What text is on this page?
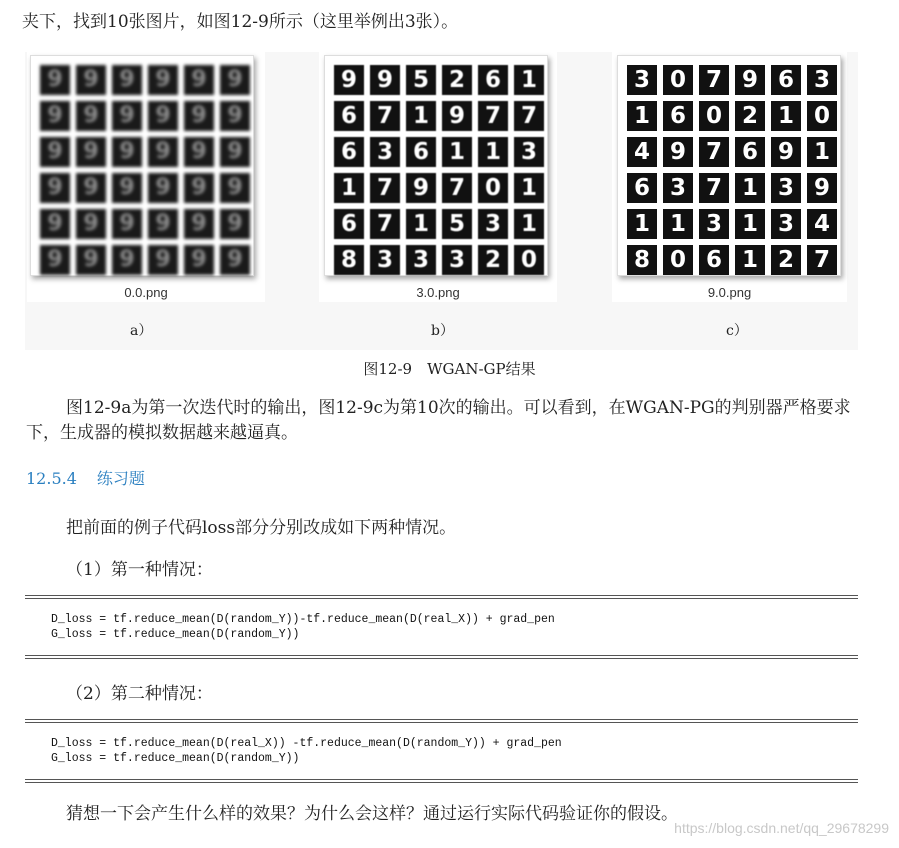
夹下，找到10张图片，如图12-9所示（这里举例出3张）。
9 9 9 9 9 9
9 9 9 9 9 9
9 9 9 9 9 9
9 9 9 9 9 9
9 9 9 9 9 9
9 9 9 9 9 9
0.0.png
9 9 5 2 6 1
6 7 1 9 7 7
6 3 6 1 1 3
1 7 9 7 0 1
6 7 1 5 3 1
8 3 3 3 2 0
3.0.png
3 0 7 9 6 3
1 6 0 2 1 0
4 9 7 6 9 1
6 3 7 1 3 9
1 1 3 1 3 4
8 0 6 1 2 7
9.0.png
a）	b）	c）
图12-9　WGAN-GP结果
图12-9a为第一次迭代时的输出，图12-9c为第10次的输出。可以看到，在WGAN-PG的判别器严格要求下，生成器的模拟数据越来越逼真。
12.5.4 练习题
把前面的例子代码loss部分分别改成如下两种情况。
（1）第一种情况：
D_loss = tf.reduce_mean(D(random_Y))-tf.reduce_mean(D(real_X)) + grad_pen
G_loss = tf.reduce_mean(D(random_Y))
（2）第二种情况：
D_loss = tf.reduce_mean(D(real_X)) -tf.reduce_mean(D(random_Y)) + grad_pen
G_loss = tf.reduce_mean(D(random_Y))
猜想一下会产生什么样的效果？为什么会这样？通过运行实际代码验证你的假设。
https://blog.csdn.net/qq_29678299
